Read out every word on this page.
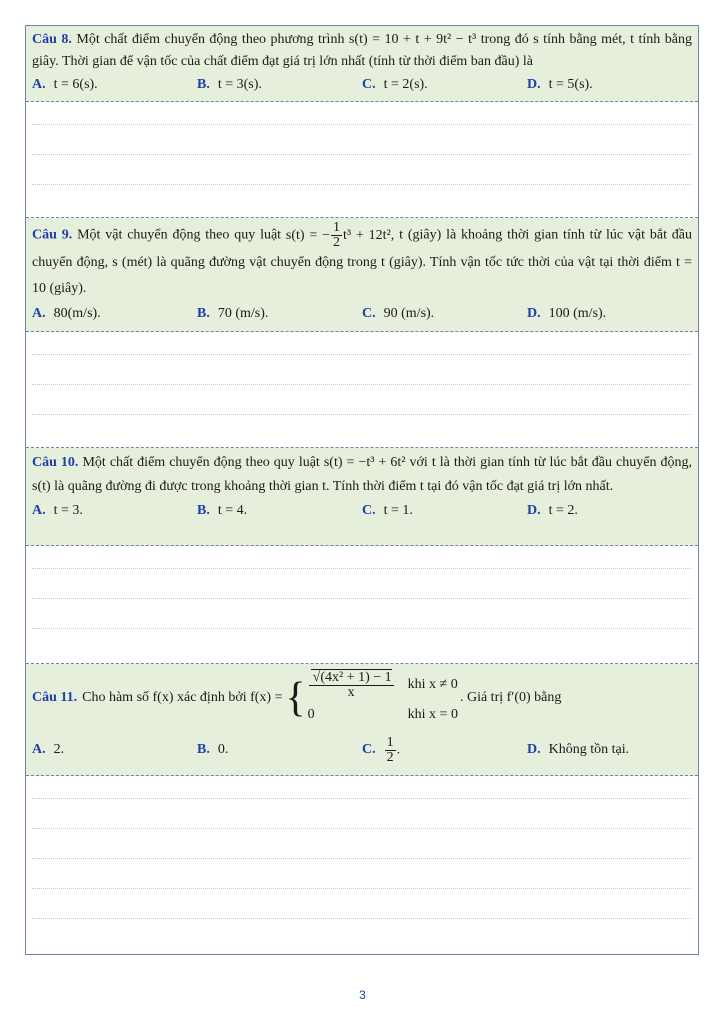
Câu 8. Một chất điểm chuyển động theo phương trình s(t) = 10 + t + 9t² − t³ trong đó s tính bằng mét, t tính bằng giây. Thời gian để vận tốc của chất điểm đạt giá trị lớn nhất (tính từ thời điểm ban đầu) là
A. t = 6(s).	B. t = 3(s).	C. t = 2(s).	D. t = 5(s).
Câu 9. Một vật chuyển động theo quy luật s(t) = − $\frac{1}{2} t^3 + 12t^2$, t (giây) là khoảng thời gian tính từ lúc vật bắt đầu chuyển động, s (mét) là quãng đường vật chuyển động trong t (giây). Tính vận tốc tức thời của vật tại thời điểm t = 10 (giây).
A. 80(m/s).	B. 70 (m/s).	C. 90 (m/s).	D. 100 (m/s).
Câu 10. Một chất điểm chuyển động theo quy luật s(t) = −t³ + 6t² với t là thời gian tính từ lúc bắt đầu chuyển động, s(t) là quãng đường đi được trong khoảng thời gian t. Tính thời điểm t tại đó vận tốc đạt giá trị lớn nhất.
A. t = 3.	B. t = 4.	C. t = 1.	D. t = 2.
Câu 11. Cho hàm số f(x) xác định bởi f(x) = { $\frac{\text{√(4x² + 1) − 1}}{x}$ khi x ≠ 0
0	khi x = 0
. Giá trị f′(0) bằng
A. 2.	B. 0.	C. $\frac{1}{2}$ .	D. Không tồn tại.
3
